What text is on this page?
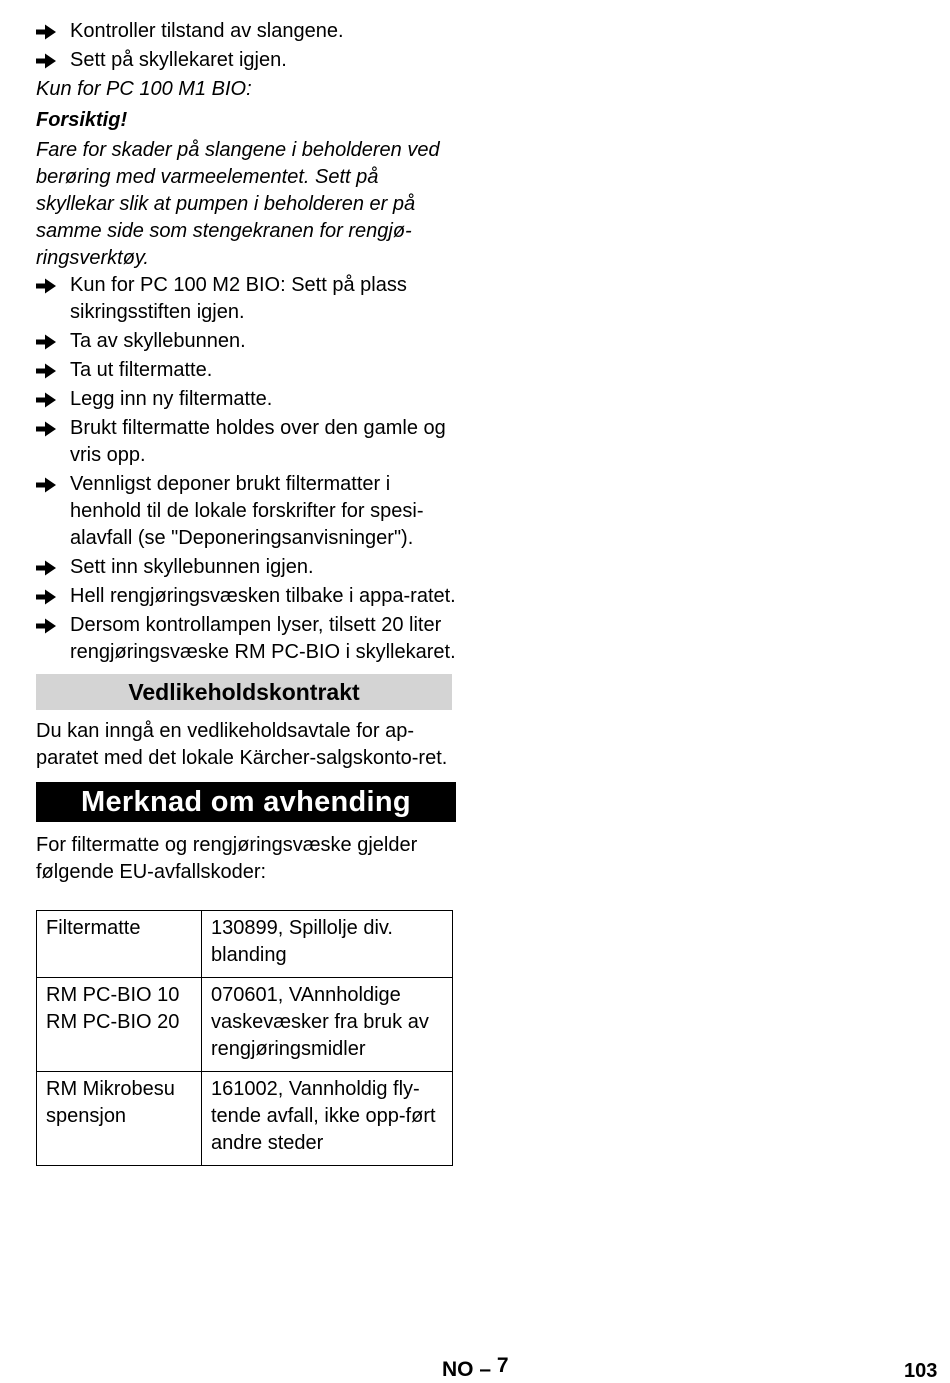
Kontroller tilstand av slangene.
Sett på skyllekaret igjen.
Kun for PC 100 M1 BIO:
Forsiktig!
Fare for skader på slangene i beholderen ved berøring med varmeelementet. Sett på skyllekar slik at pumpen i beholderen er på samme side som stengekranen for rengjø-ringsverktøy.
Kun for PC 100 M2 BIO: Sett på plass sikringsstiften igjen.
Ta av skyllebunnen.
Ta ut filtermatte.
Legg inn ny filtermatte.
Brukt filtermatte holdes over den gamle og vris opp.
Vennligst deponer brukt filtermatter i henhold til de lokale forskrifter for spesi-alavfall (se "Deponeringsanvisninger").
Sett inn skyllebunnen igjen.
Hell rengjøringsvæsken tilbake i appa-ratet.
Dersom kontrollampen lyser, tilsett 20 liter rengjøringsvæske RM PC-BIO i skyllekaret.
Vedlikeholdskontrakt
Du kan inngå en vedlikeholdsavtale for ap-paratet med det lokale Kärcher-salgskonto-ret.
Merknad om avhending
For filtermatte og rengjøringsvæske gjelder følgende EU-avfallskoder:
Filtermatte	130899, Spillolje div. blanding
RM PC-BIO 10 RM PC-BIO 20	070601, VAnnholdige vaskevæsker fra bruk av rengjøringsmidler
RM Mikrobesu spensjon	161002, Vannholdig fly-tende avfall, ikke opp-ført andre steder
NO – 7	103
